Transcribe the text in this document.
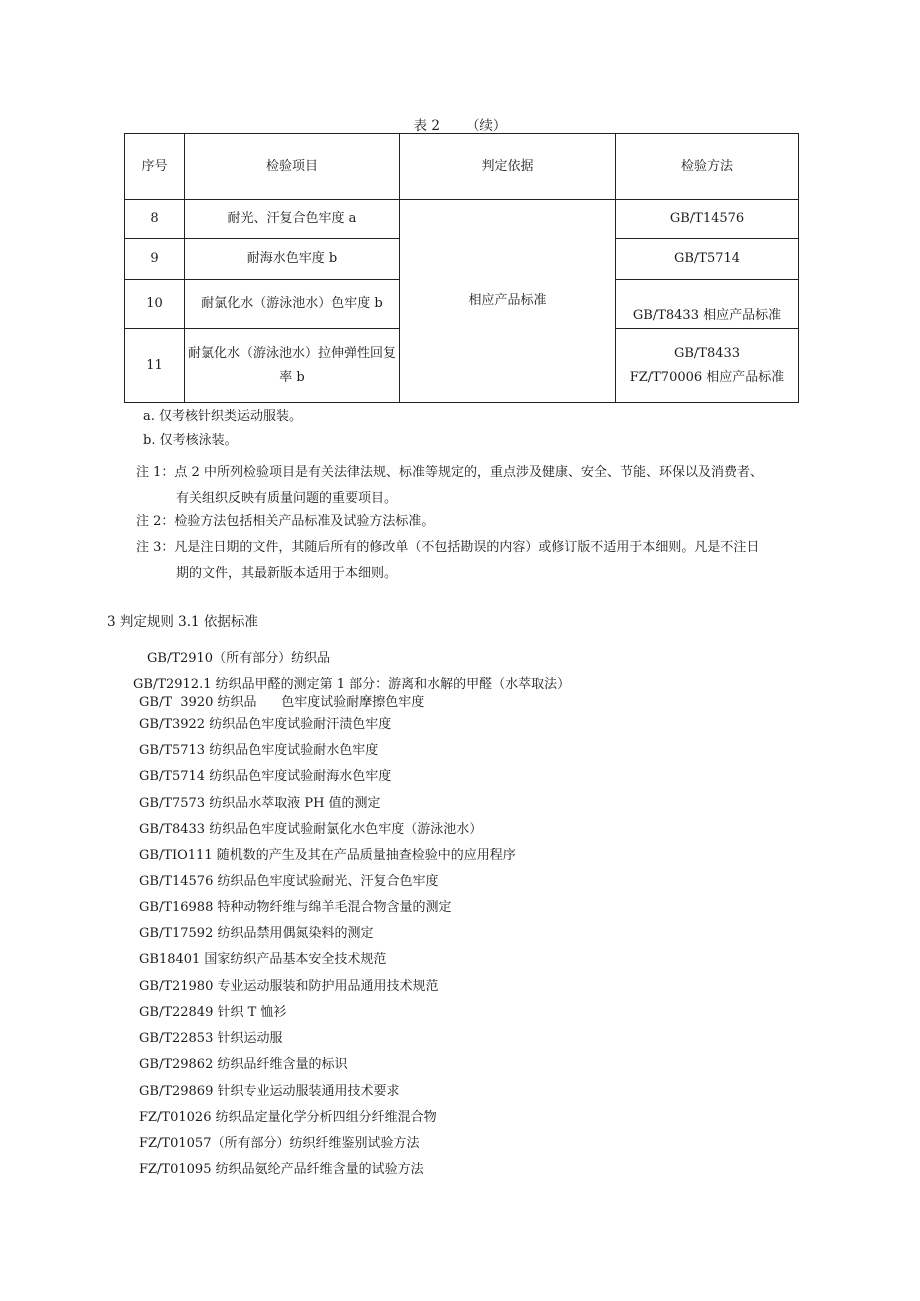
表 2 （续）
序号	检验项目	判定依据	检验方法
8	耐光、汗复合色牢度 a	相应产品标准	GB/T14576
9	耐海水色牢度 b		GB/T5714
10	耐氯化水（游泳池水）色牢度 b		GB/T8433 相应产品标准
11	耐氯化水（游泳池水）拉伸弹性回复率 b		GB/T8433
FZ/T70006 相应产品标准
a. 仅考核针织类运动服装。
b. 仅考核泳装。
注 1：点 2 中所列检验项目是有关法律法规、标准等规定的，重点涉及健康、安全、节能、环保以及消费者、
有关组织反映有质量问题的重要项目。
注 2：检验方法包括相关产品标准及试验方法标准。
注 3：凡是注日期的文件，其随后所有的修改单（不包括勘误的内容）或修订版不适用于本细则。凡是不注日
期的文件，其最新版本适用于本细则。
3 判定规则 3.1 依据标准
GB/T2910（所有部分）纺织品
GB/T2912.1 纺织品甲醛的测定第 1 部分：游离和水解的甲醛（水萃取法）
GB/T  3920 纺织品      色牢度试验耐摩擦色牢度
GB/T3922 纺织品色牢度试验耐汗渍色牢度
GB/T5713 纺织品色牢度试验耐水色牢度
GB/T5714 纺织品色牢度试验耐海水色牢度
GB/T7573 纺织品水萃取液 PH 值的测定
GB/T8433 纺织品色牢度试验耐氯化水色牢度（游泳池水）
GB/TIO111 随机数的产生及其在产品质量抽查检验中的应用程序
GB/T14576 纺织品色牢度试验耐光、汗复合色牢度
GB/T16988 特种动物纤维与绵羊毛混合物含量的测定
GB/T17592 纺织品禁用偶氮染料的测定
GB18401 国家纺织产品基本安全技术规范
GB/T21980 专业运动服装和防护用品通用技术规范
GB/T22849 针织 T 恤衫
GB/T22853 针织运动服
GB/T29862 纺织品纤维含量的标识
GB/T29869 针织专业运动服装通用技术要求
FZ/T01026 纺织品定量化学分析四组分纤维混合物
FZ/T01057（所有部分）纺织纤维鉴别试验方法
FZ/T01095 纺织品氨纶产品纤维含量的试验方法
